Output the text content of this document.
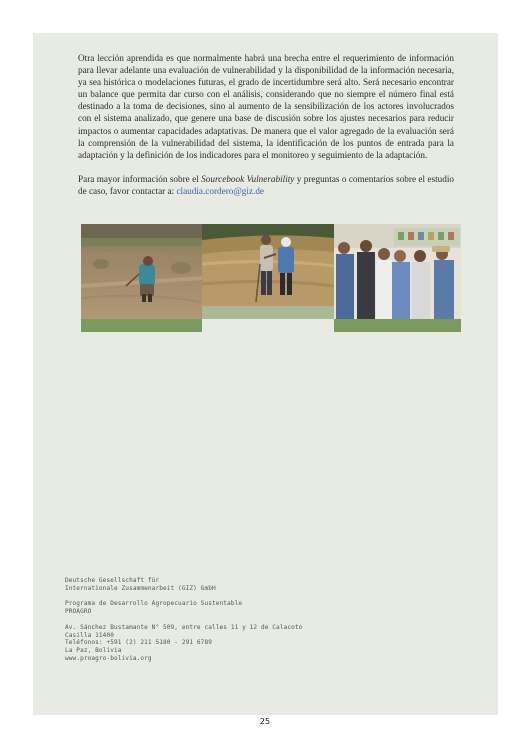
Otra lección aprendida es que normalmente habrá una brecha entre el requerimiento de información para llevar adelante una evaluación de vulnerabilidad y la disponibilidad de la información necesaria, ya sea histórica o modelaciones futuras, el grado de incertidumbre será alto. Será necesario encontrar un balance que permita dar curso con el análisis, considerando que no siempre el número final está destinado a la toma de decisiones, sino al aumento de la sensibilización de los actores involucrados con el sistema analizado, que genere una base de discusión sobre los ajustes necesarios para reducir impactos o aumentar capacidades adaptativas. De manera que el valor agregado de la evaluación será la comprensión de la vulnerabilidad del sistema, la identificación de los puntos de entrada para la adaptación y la definición de los indicadores para el monitoreo y seguimiento de la adaptación.

Para mayor información sobre el Sourcebook Vulnerability y preguntas o comentarios sobre el estudio de caso, favor contactar a: claudia.cordero@giz.de

Deutsche Gesellschaft für
Internationale Zusammenarbeit (GIZ) GmbH
Programa de Desarrollo Agropecuario Sustentable
PROAGRO
Av. Sánchez Bustamante N° 509, entre calles 11 y 12 de Calacoto
Casilla 11400
Teléfonos: +591 (2) 211 5180 - 291 6789
La Paz, Bolivia
www.proagro-bolivia.org
25
